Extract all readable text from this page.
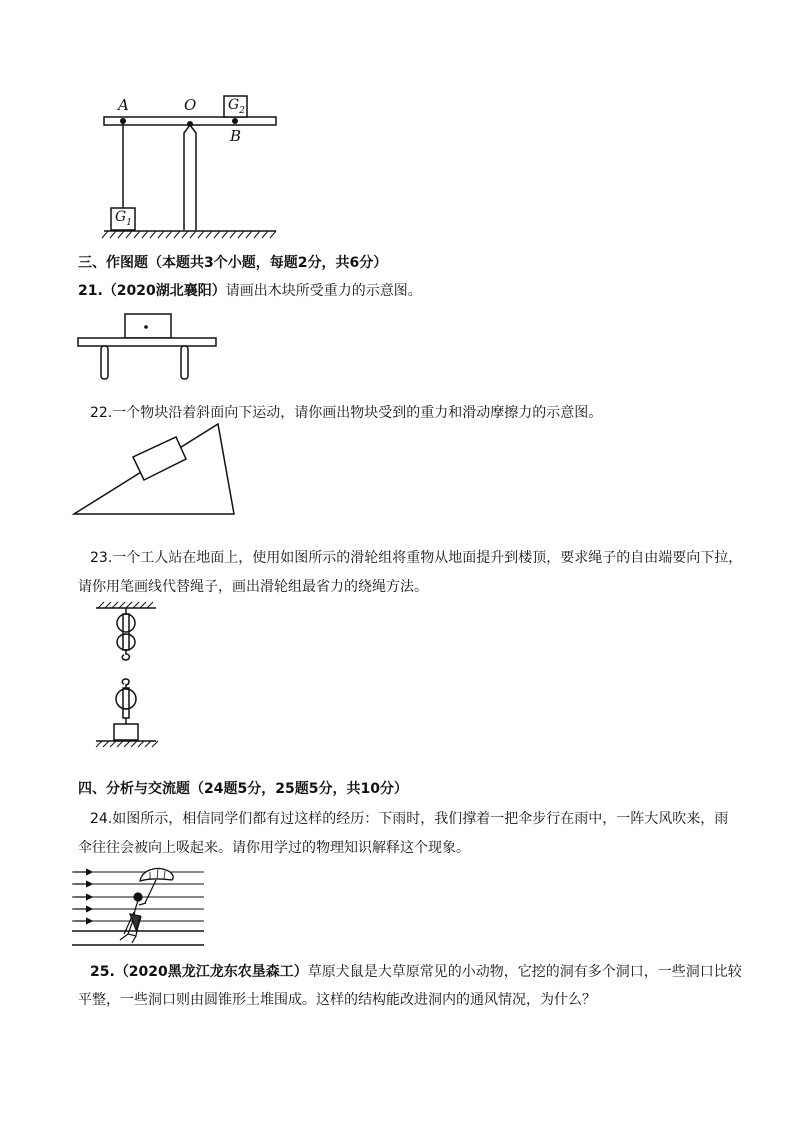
A	O
B
$G_2$
$G_1$
三、作图题（本题共3个小题，每题2分，共6分）
21.（2020湖北襄阳）请画出木块所受重力的示意图。
22.一个物块沿着斜面向下运动，请你画出物块受到的重力和滑动摩擦力的示意图。
23.一个工人站在地面上，使用如图所示的滑轮组将重物从地面提升到楼顶，要求绳子的自由端要向下拉，
请你用笔画线代替绳子，画出滑轮组最省力的绕绳方法。
四、分析与交流题（24题5分，25题5分，共10分）
24.如图所示，相信同学们都有过这样的经历：下雨时，我们撑着一把伞步行在雨中，一阵大风吹来，雨
伞往往会被向上吸起来。请你用学过的物理知识解释这个现象。
25.（2020黑龙江龙东农垦森工）草原犬鼠是大草原常见的小动物，它挖的洞有多个洞口，一些洞口比较
平整，一些洞口则由圆锥形土堆围成。这样的结构能改进洞内的通风情况，为什么？
